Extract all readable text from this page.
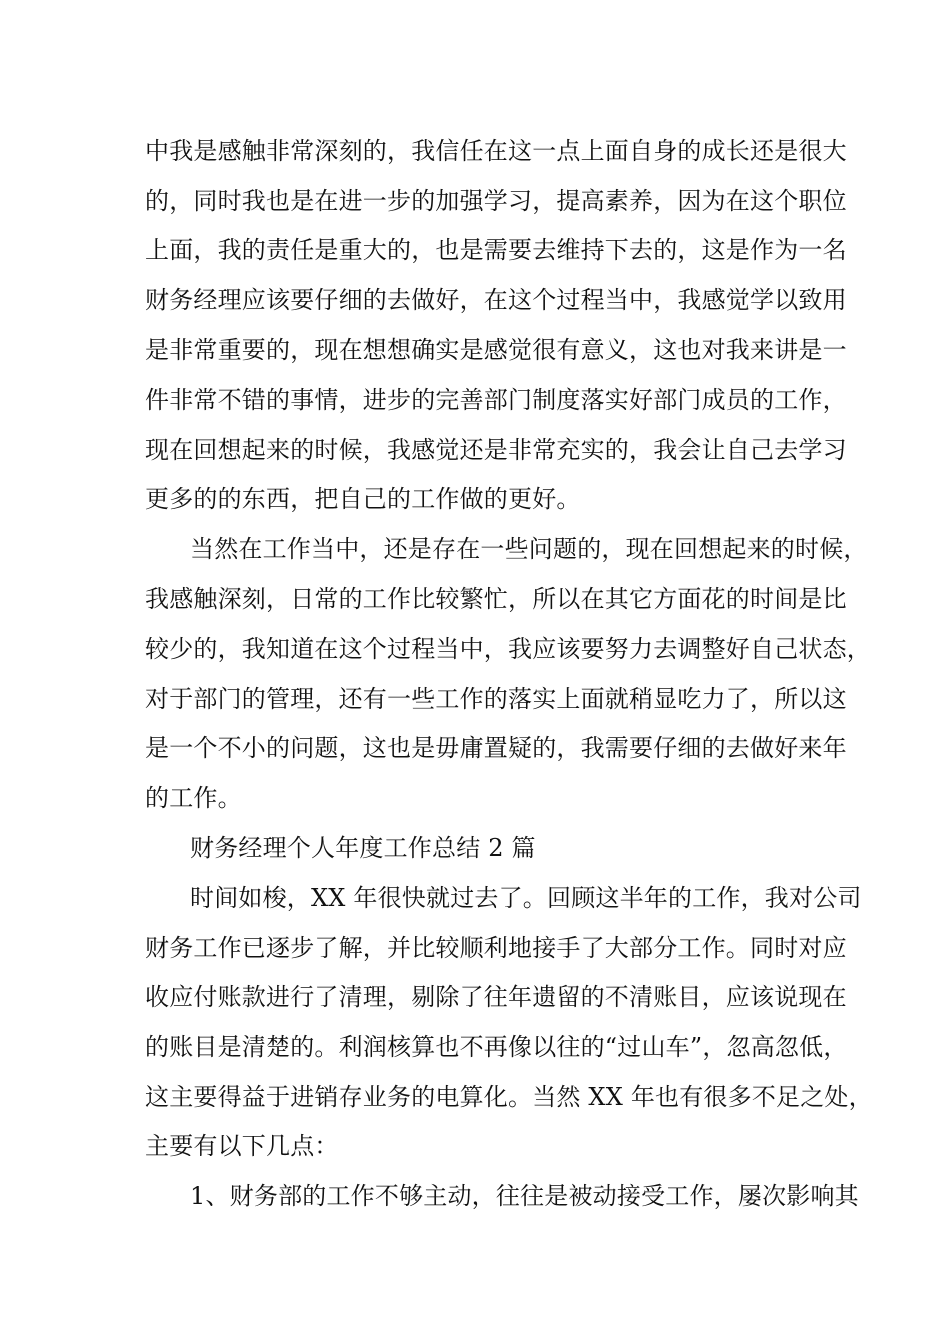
中我是感触非常深刻的，我信任在这一点上面自身的成长还是很大
的，同时我也是在进一步的加强学习，提高素养，因为在这个职位
上面，我的责任是重大的，也是需要去维持下去的，这是作为一名
财务经理应该要仔细的去做好，在这个过程当中，我感觉学以致用
是非常重要的，现在想想确实是感觉很有意义，这也对我来讲是一
件非常不错的事情，进步的完善部门制度落实好部门成员的工作，
现在回想起来的时候，我感觉还是非常充实的，我会让自己去学习
更多的的东西，把自己的工作做的更好。
当然在工作当中，还是存在一些问题的，现在回想起来的时候，
我感触深刻，日常的工作比较繁忙，所以在其它方面花的时间是比
较少的，我知道在这个过程当中，我应该要努力去调整好自己状态，
对于部门的管理，还有一些工作的落实上面就稍显吃力了，所以这
是一个不小的问题，这也是毋庸置疑的，我需要仔细的去做好来年
的工作。
财务经理个人年度工作总结 2 篇
时间如梭，XX 年很快就过去了。回顾这半年的工作，我对公司
财务工作已逐步了解，并比较顺利地接手了大部分工作。同时对应
收应付账款进行了清理，剔除了往年遗留的不清账目，应该说现在
的账目是清楚的。利润核算也不再像以往的“过山车”，忽高忽低，
这主要得益于进销存业务的电算化。当然 XX 年也有很多不足之处，
主要有以下几点：
1、财务部的工作不够主动，往往是被动接受工作，屡次影响其
